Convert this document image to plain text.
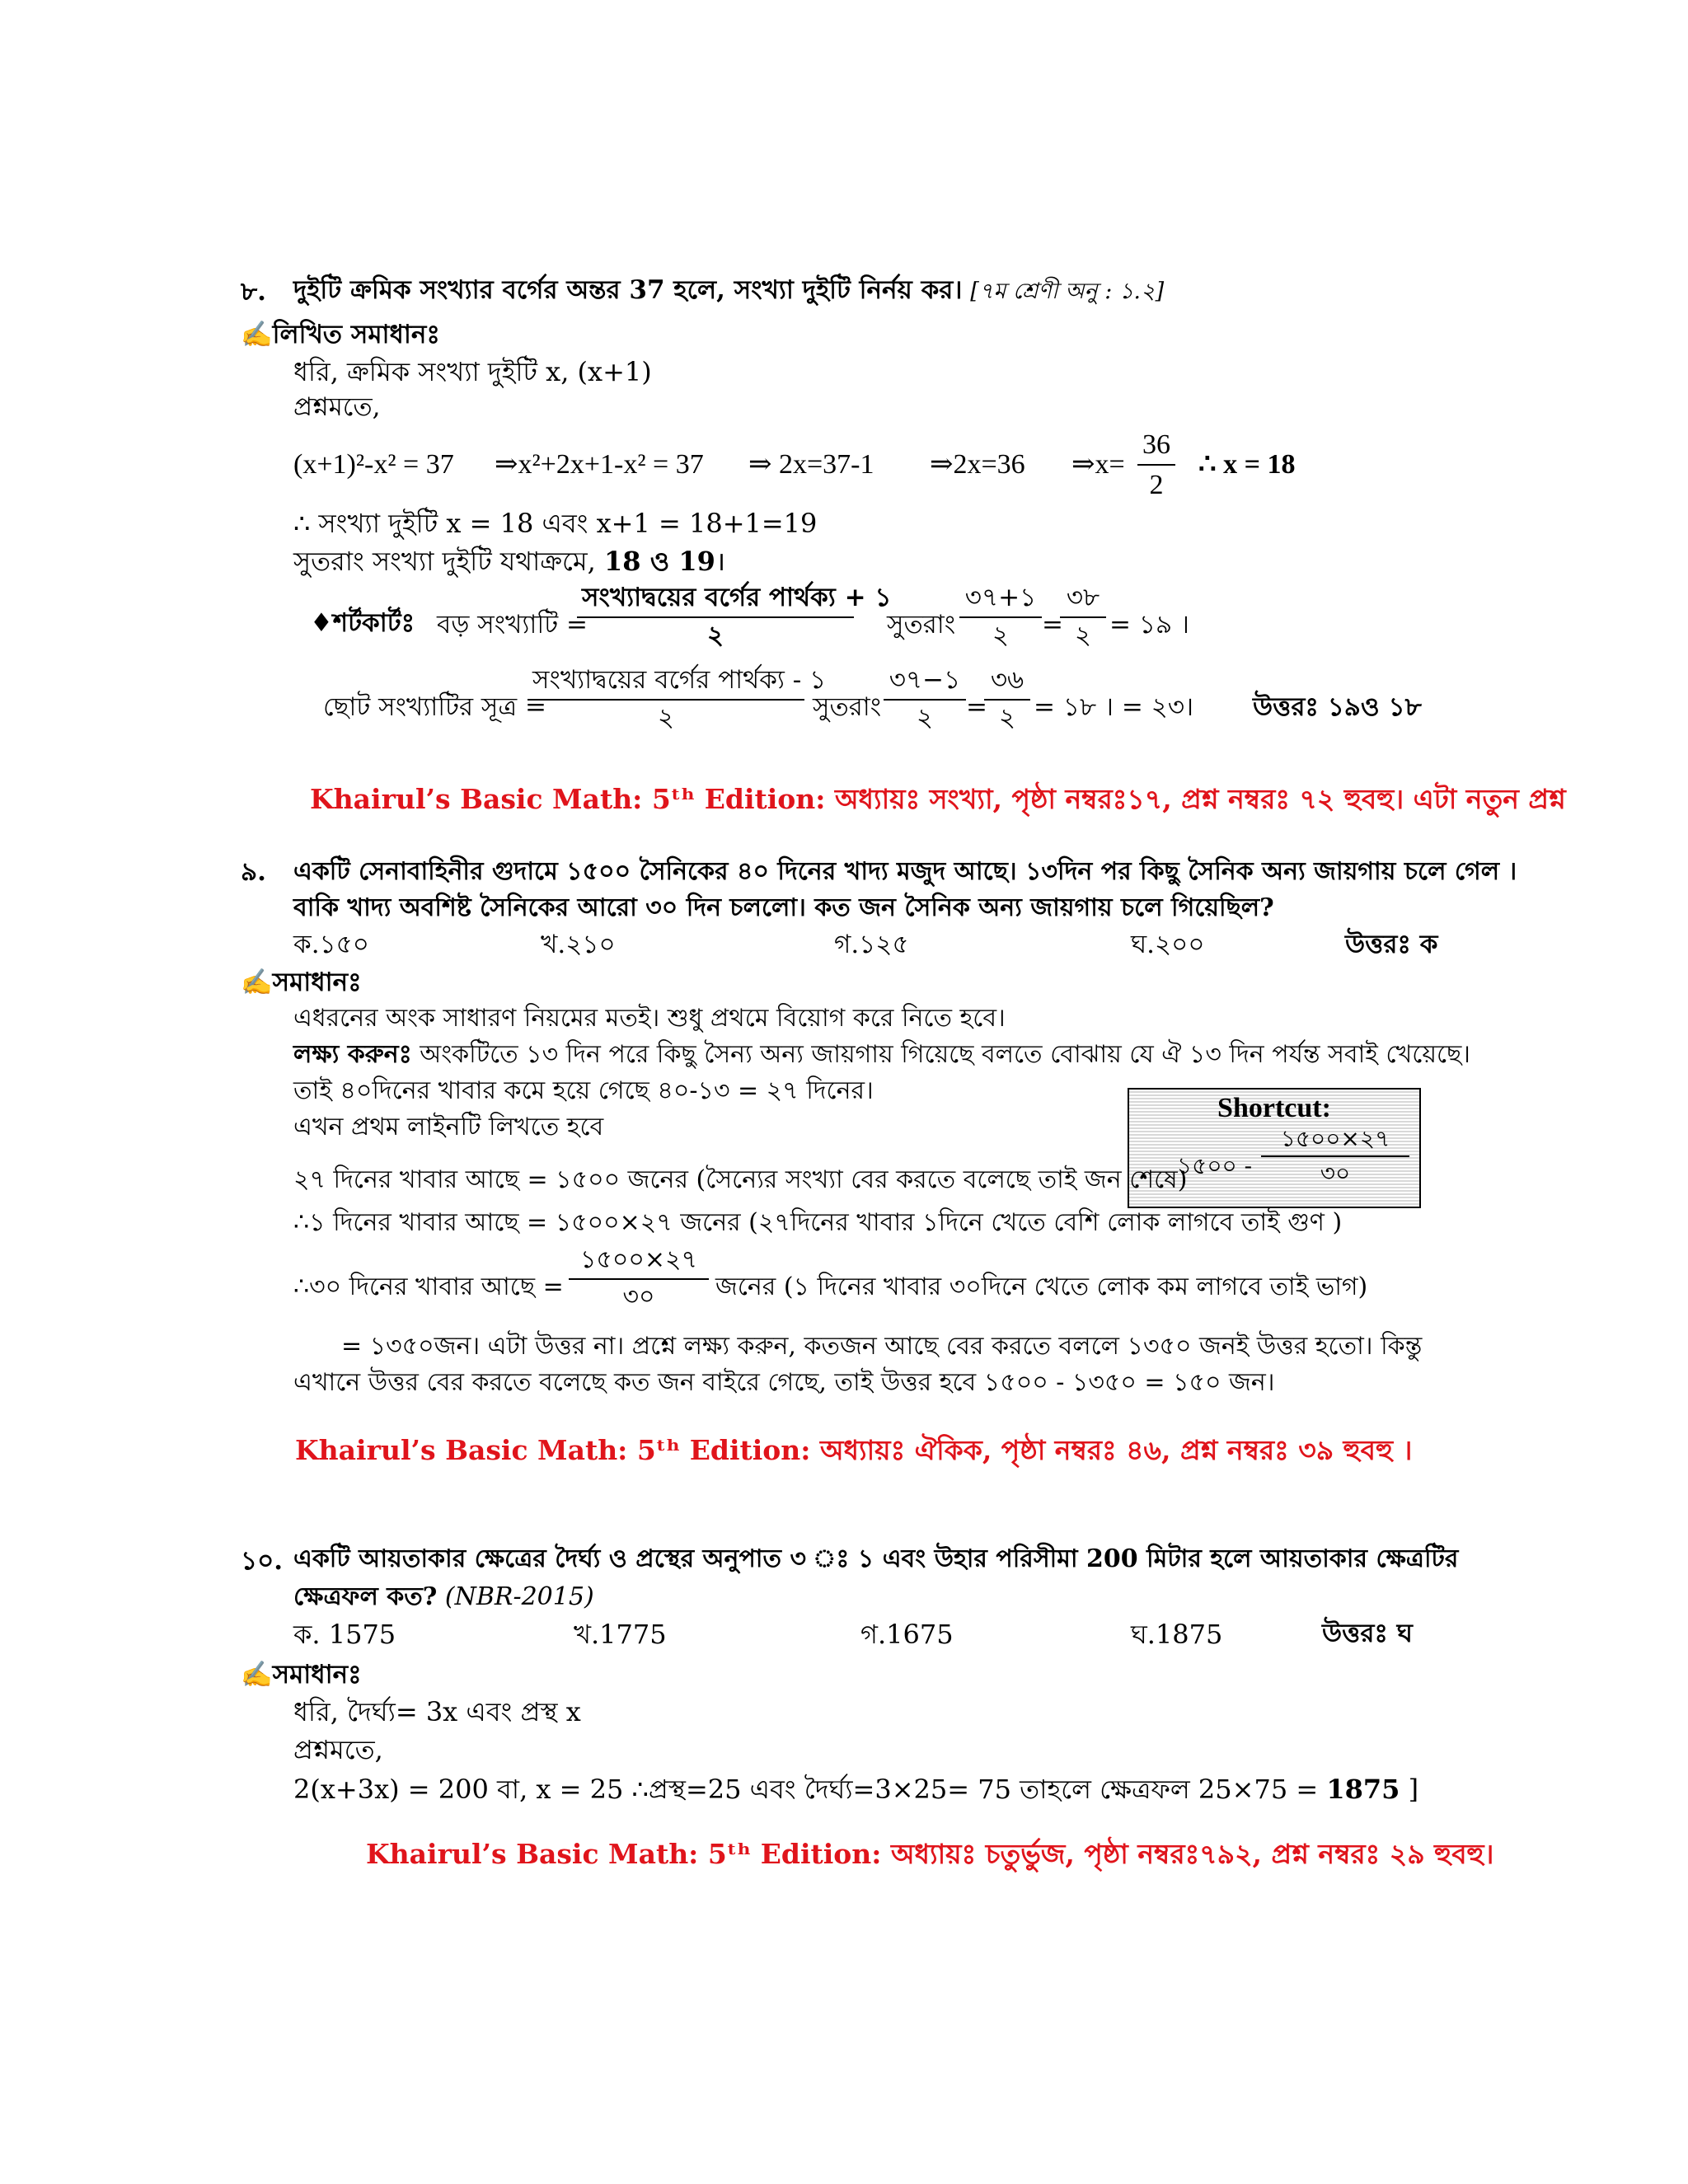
৮. দুইটি ক্রমিক সংখ্যার বর্গের অন্তর 37 হলে, সংখ্যা দুইটি নির্নয় কর। [৭ম শ্রেণী অনু : ১.২]
✍লিখিত সমাধানঃ
ধরি, ক্রমিক সংখ্যা দুইটি x, (x+1)
প্রশ্নমতে,
(x+1)²-x² = 37 ⇒x²+2x+1-x² = 37 ⇒ 2x=37-1 ⇒2x=36 ⇒x= $\frac{36}{2}$ ∴ x = 18
∴ সংখ্যা দুইটি x = 18 এবং x+1 = 18+1=19
সুতরাং সংখ্যা দুইটি যথাক্রমে, 18 ও 19।
♦শর্টকার্টঃ বড় সংখ্যাটি =
সংখ্যাদ্বয়ের বর্গের পার্থক্য + ১
২	সুতরাং
৩৭+১
২	=
৩৮
২ = ১৯ ।
ছোট সংখ্যাটির সূত্র =
সংখ্যাদ্বয়ের বর্গের পার্থক্য - ১
২	সুতরাং
৩৭−১
২	=
৩৬
২ = ১৮ । = ২৩। উত্তরঃ ১৯ও ১৮
Khairul’s Basic Math: 5ᵗʰ Edition: অধ্যায়ঃ সংখ্যা, পৃষ্ঠা নম্বরঃ১৭, প্রশ্ন নম্বরঃ ৭২ হুবহু। এটা নতুন প্রশ্ন
৯. একটি সেনাবাহিনীর গুদামে ১৫০০ সৈনিকের ৪০ দিনের খাদ্য মজুদ আছে। ১৩দিন পর কিছু সৈনিক অন্য জায়গায় চলে গেল ।
বাকি খাদ্য অবশিষ্ট সৈনিকের আরো ৩০ দিন চললো। কত জন সৈনিক অন্য জায়গায় চলে গিয়েছিল?
ক.১৫০	খ.২১০	গ.১২৫	ঘ.২০০	উত্তরঃ ক
✍সমাধানঃ
এধরনের অংক সাধারণ নিয়মের মতই। শুধু প্রথমে বিয়োগ করে নিতে হবে।
লক্ষ্য করুনঃ অংকটিতে ১৩ দিন পরে কিছু সৈন্য অন্য জায়গায় গিয়েছে বলতে বোঝায় যে ঐ ১৩ দিন পর্যন্ত সবাই খেয়েছে।
তাই ৪০দিনের খাবার কমে হয়ে গেছে ৪০-১৩ = ২৭ দিনের।
এখন প্রথম লাইনটি লিখতে হবে
Shortcut:
১৫০০ -
১৫০০×২৭
৩০
২৭ দিনের খাবার আছে = ১৫০০ জনের (সৈন্যের সংখ্যা বের করতে বলেছে তাই জন শেষে)
∴১ দিনের খাবার আছে = ১৫০০×২৭ জনের (২৭দিনের খাবার ১দিনে খেতে বেশি লোক লাগবে তাই গুণ )
∴৩০ দিনের খাবার আছে =
১৫০০×২৭
৩০	জনের (১ দিনের খাবার ৩০দিনে খেতে লোক কম লাগবে তাই ভাগ)
= ১৩৫০জন। এটা উত্তর না। প্রশ্নে লক্ষ্য করুন, কতজন আছে বের করতে বললে ১৩৫০ জনই উত্তর হতো। কিন্তু
এখানে উত্তর বের করতে বলেছে কত জন বাইরে গেছে, তাই উত্তর হবে ১৫০০ - ১৩৫০ = ১৫০ জন।
Khairul’s Basic Math: 5ᵗʰ Edition: অধ্যায়ঃ ঐকিক, পৃষ্ঠা নম্বরঃ ৪৬, প্রশ্ন নম্বরঃ ৩৯ হুবহু ।
১০. একটি আয়তাকার ক্ষেত্রের দৈর্ঘ্য ও প্রস্থের অনুপাত ৩ ঃ ১ এবং উহার পরিসীমা 200 মিটার হলে আয়তাকার ক্ষেত্রটির
ক্ষেত্রফল কত? (NBR-2015)
ক. 1575	খ.1775	গ.1675	ঘ.1875	উত্তরঃ ঘ
✍সমাধানঃ
ধরি, দৈর্ঘ্য= 3x এবং প্রস্থ x
প্রশ্নমতে,
2(x+3x) = 200 বা, x = 25 ∴প্রস্থ=25 এবং দৈর্ঘ্য=3×25= 75 তাহলে ক্ষেত্রফল 25×75 = 1875 ]
Khairul’s Basic Math: 5ᵗʰ Edition: অধ্যায়ঃ চতুর্ভুজ, পৃষ্ঠা নম্বরঃ৭৯২, প্রশ্ন নম্বরঃ ২৯ হুবহু।
